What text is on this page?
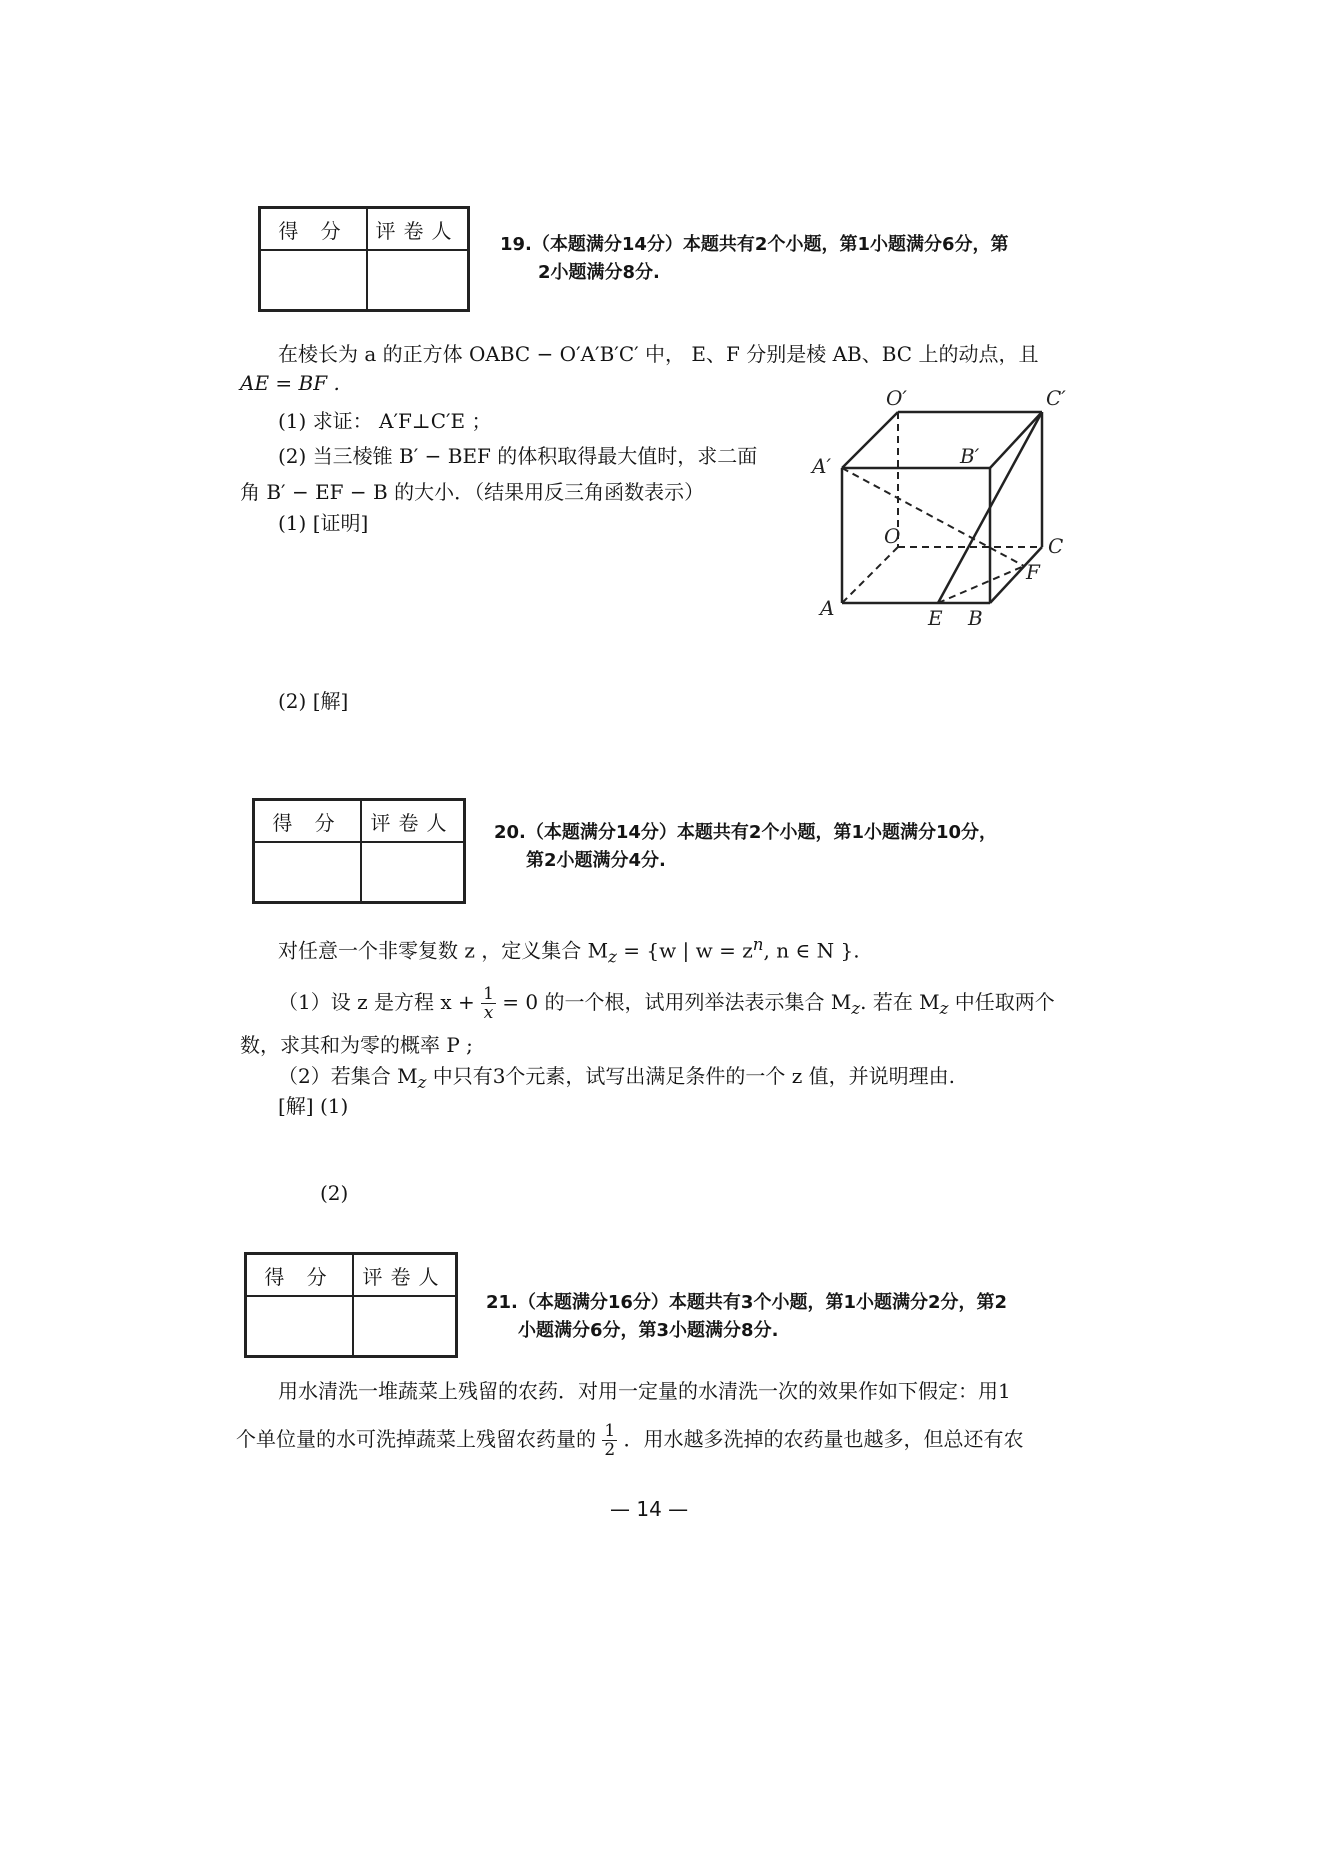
得 分	评卷人

19.（本题满分14分）本题共有2个小题，第1小题满分6分，第
2小题满分8分.
在棱长为 a 的正方体 OABC − O′A′B′C′ 中， E、F 分别是棱 AB、BC 上的动点，且
AE = BF .
(1) 求证： A′F⊥C′E ；
(2) 当三棱锥 B′ − BEF 的体积取得最大值时，求二面
角 B′ − EF − B 的大小．（结果用反三角函数表示）
(1) [证明]
(2) [解]
O′	C′
A′	B′
O	C
F
A	E B
得 分	评卷人
	20.（本题满分14分）本题共有2个小题，第1小题满分10分，
第2小题满分4分.
对任意一个非零复数 z ，定义集合 $M_z = \{w$ | $w = z^n$, n ∈ N }.
（1）设 z 是方程 $x + \frac{1}{x} = 0$ 的一个根，试用列举法表示集合 $M_z$. 若在 $M_z$ 中任取两个
数，求其和为零的概率 P ;
（2）若集合 $M_z$ 中只有3个元素，试写出满足条件的一个 z 值，并说明理由.
[解] (1)
(2)
得 分	评卷人

21.（本题满分16分）本题共有3个小题，第1小题满分2分，第2
小题满分6分，第3小题满分8分.
用水清洗一堆蔬菜上残留的农药．对用一定量的水清洗一次的效果作如下假定：用1
个单位量的水可洗掉蔬菜上残留农药量的 $\frac{1}{2}$ ．用水越多洗掉的农药量也越多，但总还有农
— 14 —
